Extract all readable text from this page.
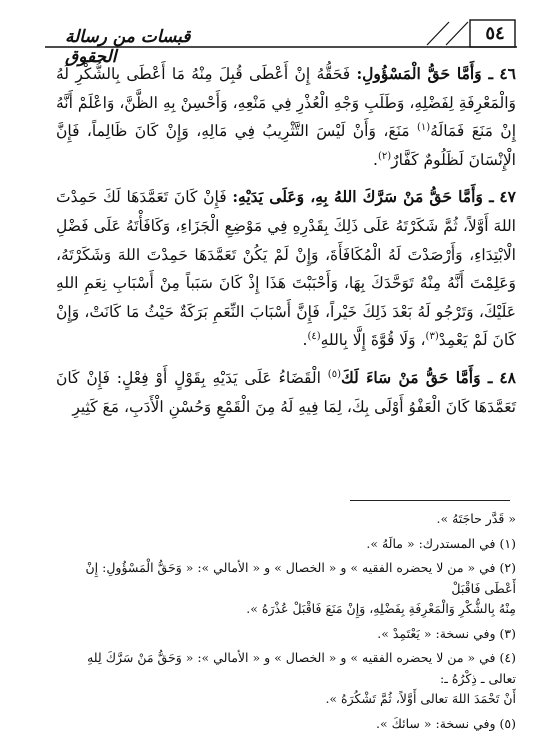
٥٤
قبسات من رسالة الحقوق

٤٦ ـ وَأَمَّا حَقُّ الْمَسْؤُولِ: فَحَقُّهُ إِنْ أَعْطَى قُبِلَ مِنْهُ مَا أَعْطَى بِالشُّكْرِ لَهُ وَالْمَعْرِفَةِ لِفَضْلِهِ، وَطَلَبِ وَجْهِ الْعُذْرِ فِي مَنْعِهِ، وَأَحْسِنْ بِهِ الظَّنَّ، وَاعْلَمْ أَنَّهُ إِنْ مَنَعَ فَمَالَهُ$^{(١)}$ مَنَعَ، وَأَنْ لَيْسَ التَّثْرِيبُ فِي مَالِهِ، وَإِنْ كَانَ ظَالِماً، فَإِنَّ الْإِنْسَانَ لَظَلُومٌ كَفَّارٌ$^{(٢)}$.

٤٧ ـ وَأَمَّا حَقُّ مَنْ سَرَّكَ اللهُ بِهِ، وَعَلَى يَدَيْهِ: فَإِنْ كَانَ تَعَمَّدَهَا لَكَ حَمِدْتَ اللهَ أَوَّلاً، ثُمَّ شَكَرْتَهُ عَلَى ذَلِكَ بِقَدْرِهِ فِي مَوْضِعِ الْجَزَاءِ، وَكَافَأْتَهُ عَلَى فَضْلِ الْابْتِدَاءِ، وَأَرْصَدْتَ لَهُ الْمُكَافَأَةَ، وَإِنْ لَمْ يَكُنْ تَعَمَّدَهَا حَمِدْتَ اللهَ وَشَكَرْتَهُ، وَعَلِمْتَ أَنَّهُ مِنْهُ تَوَحَّدَكَ بِهَا، وَأَحْبَبْتَ هَذَا إِذْ كَانَ سَبَباً مِنْ أَسْبَابِ نِعَمِ اللهِ عَلَيْكَ، وَتَرْجُو لَهُ بَعْدَ ذَلِكَ خَيْراً، فَإِنَّ أَسْبَابَ النِّعَمِ بَرَكَةٌ حَيْثُ مَا كَانَتْ، وَإِنْ كَانَ لَمْ يَعْمِدْ$^{(٣)}$، وَلَا قُوَّةَ إِلَّا بِاللهِ$^{(٤)}$.

٤٨ ـ وَأَمَّا حَقُّ مَنْ سَاءَ لَكَ$^{(٥)}$ الْقَضَاءُ عَلَى يَدَيْهِ بِقَوْلٍ أَوْ فِعْلٍ: فَإِنْ كَانَ تَعَمَّدَهَا كَانَ الْعَفْوُ أَوْلَى بِكَ، لِمَا فِيهِ لَهُ مِنَ الْقَمْعِ وَحُسْنِ الْأَدَبِ، مَعَ كَثِيرِ

« قَدَّر حاجَتَهُ ».
(١) في المستدرك: « مالَهُ ».
(٢) في « من لا يحضره الفقيه » و « الخصال » و « الأمالي »: « وَحَقُّ الْمَسْؤُولِ: إِنْ أَعْطَى فَاقْبَلْ
مِنْهُ بِالشُّكْرِ وَالْمَعْرِفَةِ بِفَضْلِهِ، وَإِنْ مَنَعَ فَاقْبَلْ عُذْرَهُ ».
(٣) وفي نسخة: « يَعْتَمِدْ ».
(٤) في « من لا يحضره الفقيه » و « الخصال » و « الأمالي »: « وَحَقُّ مَنْ سَرَّكَ لِلهِ تعالى ـ ذِكْرُهُ ـ:
أَنْ تَحْمَدَ اللهَ تعالى أَوَّلاً، ثُمَّ تَشْكُرَهُ ».
(٥) وفي نسخة: « سائكَ ».
